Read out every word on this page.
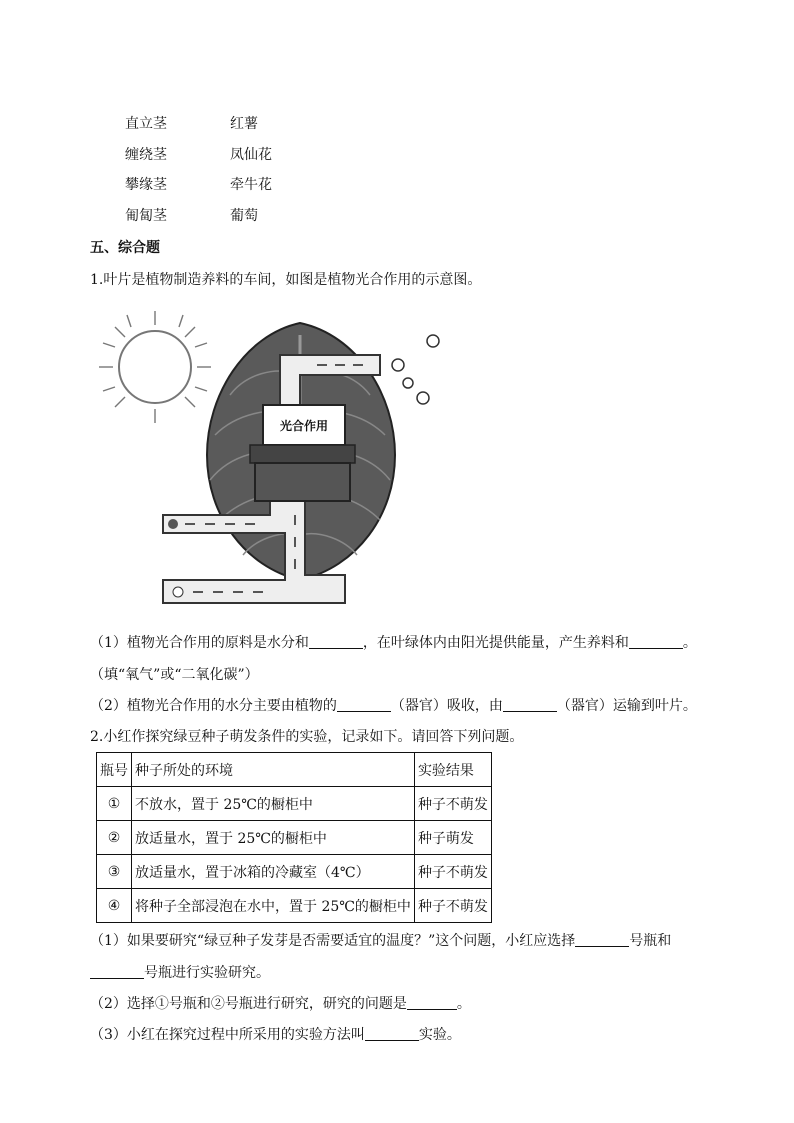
直立茎	红薯
缠绕茎	凤仙花
攀缘茎	牵牛花
匍匐茎	葡萄
五、综合题
1.叶片是植物制造养料的车间，如图是植物光合作用的示意图。
光合作用
（1）植物光合作用的原料是水分和	，在叶绿体内由阳光提供能量，产生养料和	。
（填“氧气”或“二氧化碳”）
（2）植物光合作用的水分主要由植物的	（器官）吸收，由	（器官）运输到叶片。
2.小红作探究绿豆种子萌发条件的实验，记录如下。请回答下列问题。
瓶号	种子所处的环境	实验结果
①	不放水，置于 25℃的橱柜中	种子不萌发
②	放适量水，置于 25℃的橱柜中	种子萌发
③	放适量水，置于冰箱的冷藏室（4℃）	种子不萌发
④	将种子全部浸泡在水中，置于 25℃的橱柜中	种子不萌发
（1）如果要研究“绿豆种子发芽是否需要适宜的温度？”这个问题，小红应选择	号瓶和
号瓶进行实验研究。
（2）选择①号瓶和②号瓶进行研究，研究的问题是	。
（3）小红在探究过程中所采用的实验方法叫	实验。
